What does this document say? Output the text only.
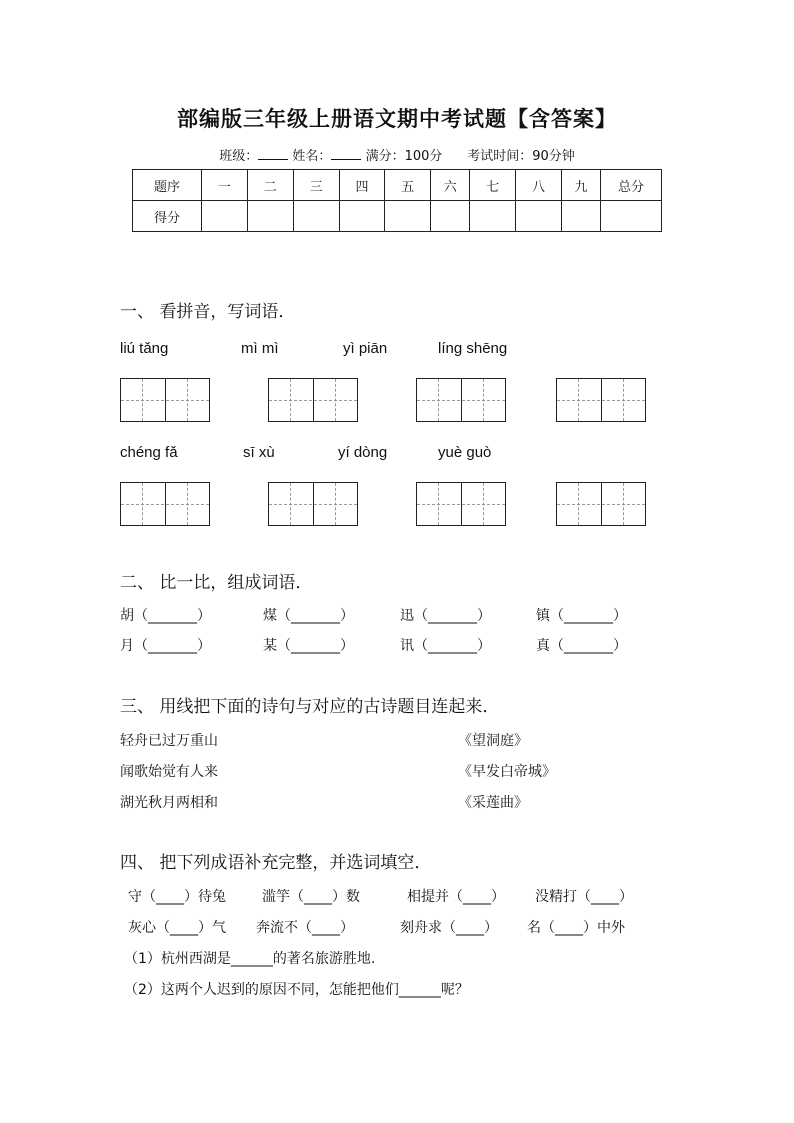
部编版三年级上册语文期中考试题【含答案】
班级：	姓名：	满分：100分 考试时间：90分钟
题序	一	二	三	四	五	六	七	八	九	总分
得分										
一、 看拼音，写词语．
liú tǎng	mì mì	yì piān	líng shēng
chéng fǎ	sī xù	yí dòng	yuè guò
二、 比一比，组成词语．
胡（_______）	煤（_______）	迅（_______）	镇（_______）
月（_______）	某（_______）	讯（_______）	真（_______）
三、 用线把下面的诗句与对应的古诗题目连起来．
轻舟已过万重山
闻歌始觉有人来
湖光秋月两相和
《望洞庭》
《早发白帝城》
《采莲曲》
四、 把下列成语补充完整，并选词填空．
守（____）待兔	滥竽（____）数	相提并（____） 没精打（____）
灰心（____）气 奔流不（____）	刻舟求（____） 名（____）中外
（1）杭州西湖是______的著名旅游胜地.
（2）这两个人迟到的原因不同，怎能把他们______呢？
